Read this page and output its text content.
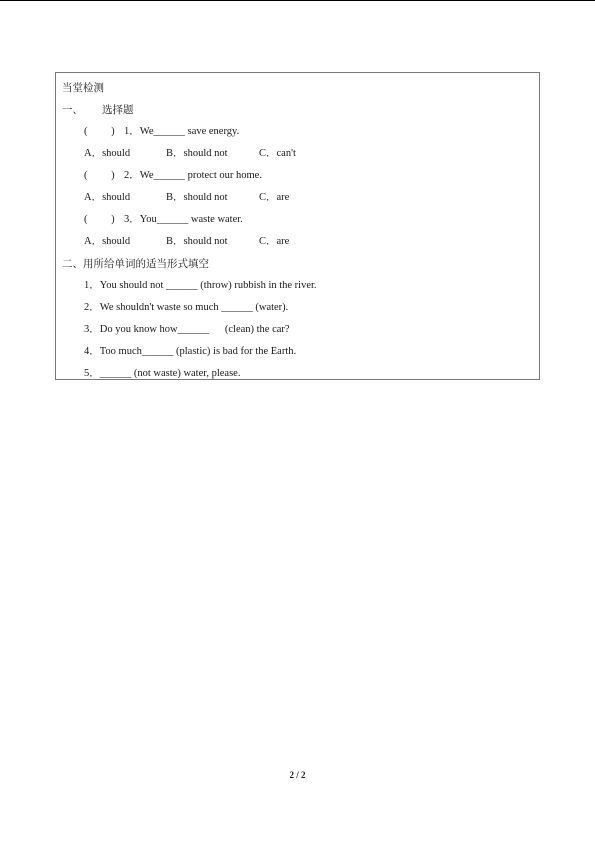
当堂检测
一、 选择题
(         ) 1．We______ save energy.
A．should	B．should not	C．can't
(         ) 2．We______ protect our home.
A．should	B．should not	C．are
(         ) 3．You______ waste water.
A．should	B．should not	C．are
二、用所给单词的适当形式填空
1．You should not ______ (throw) rubbish in the river.
2．We shouldn't waste so much ______ (water).
3．Do you know how______      (clean) the car?
4．Too much______ (plastic) is bad for the Earth.
5．______ (not waste) water, please.
2 / 2
